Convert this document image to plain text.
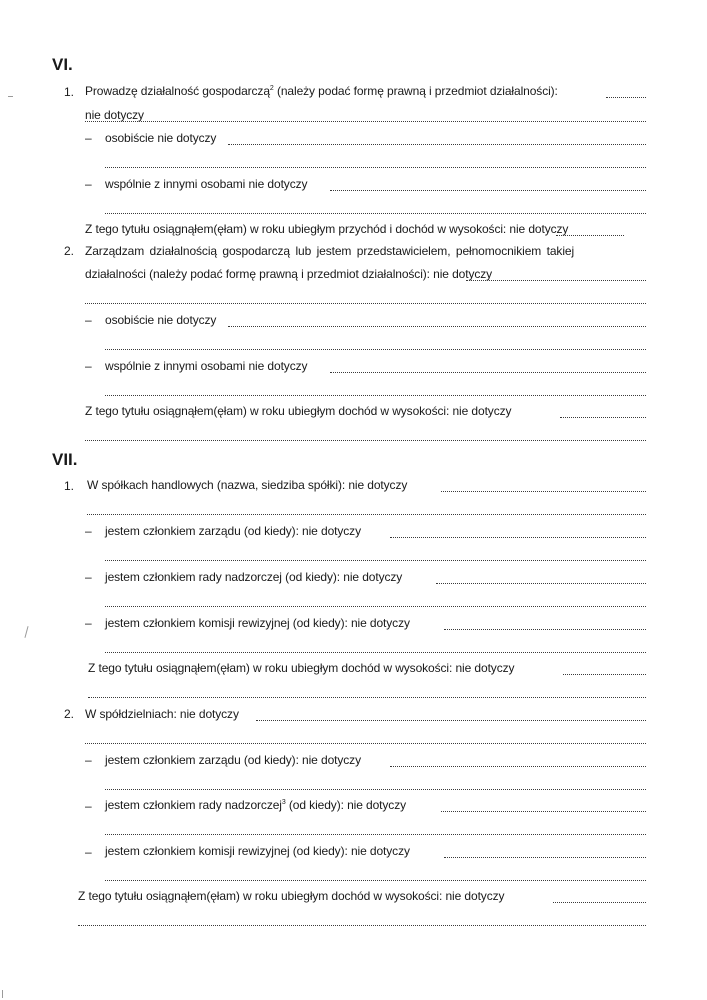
VI.
1. Prowadzę działalność gospodarczą$^2$ (należy podać formę prawną i przedmiot działalności):
nie dotyczy
– osobiście nie dotyczy
– wspólnie z innymi osobami nie dotyczy
Z tego tytułu osiągnąłem(ęłam) w roku ubiegłym przychód i dochód w wysokości: nie dotyczy
2. Zarządzam działalnością gospodarczą lub jestem przedstawicielem, pełnomocnikiem takiej
działalności (należy podać formę prawną i przedmiot działalności): nie dotyczy
– osobiście nie dotyczy
– wspólnie z innymi osobami nie dotyczy
Z tego tytułu osiągnąłem(ęłam) w roku ubiegłym dochód w wysokości: nie dotyczy
VII.
1. W spółkach handlowych (nazwa, siedziba spółki): nie dotyczy
– jestem członkiem zarządu (od kiedy): nie dotyczy
– jestem członkiem rady nadzorczej (od kiedy): nie dotyczy
– jestem członkiem komisji rewizyjnej (od kiedy): nie dotyczy
Z tego tytułu osiągnąłem(ęłam) w roku ubiegłym dochód w wysokości: nie dotyczy
2. W spółdzielniach: nie dotyczy
– jestem członkiem zarządu (od kiedy): nie dotyczy
– jestem członkiem rady nadzorczej$^3$ (od kiedy): nie dotyczy
– jestem członkiem komisji rewizyjnej (od kiedy): nie dotyczy
Z tego tytułu osiągnąłem(ęłam) w roku ubiegłym dochód w wysokości: nie dotyczy
